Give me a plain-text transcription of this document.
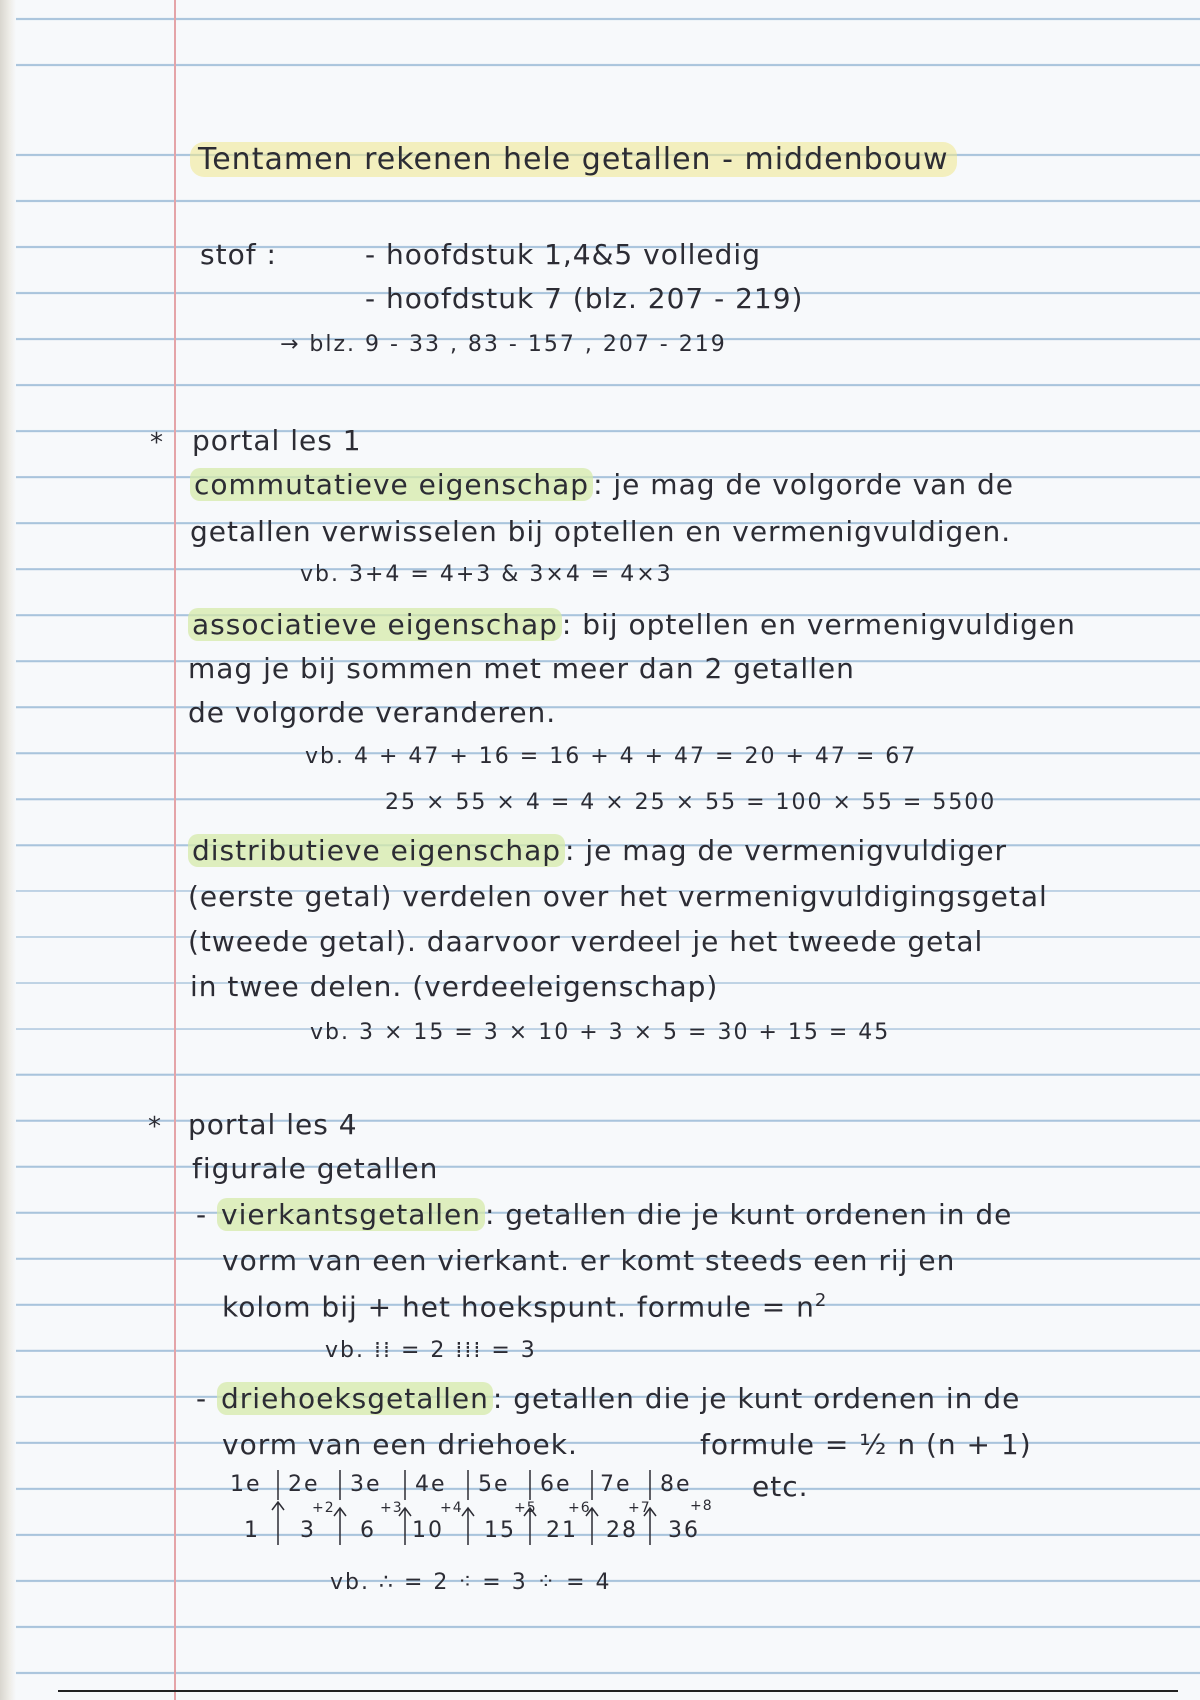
Tentamen rekenen hele getallen - middenbouw
stof :	- hoofdstuk 1,4&5 volledig
- hoofdstuk 7 (blz. 207 - 219)
→ blz. 9 - 33 , 83 - 157 , 207 - 219
* portal les 1
commutatieve eigenschap : je mag de volgorde van de
getallen verwisselen bij optellen en vermenigvuldigen.
vb. 3+4 = 4+3 & 3×4 = 4×3
associatieve eigenschap : bij optellen en vermenigvuldigen
mag je bij sommen met meer dan 2 getallen
de volgorde veranderen.
vb. 4 + 47 + 16 = 16 + 4 + 47 = 20 + 47 = 67
25 × 55 × 4 = 4 × 25 × 55 = 100 × 55 = 5500
distributieve eigenschap : je mag de vermenigvuldiger
(eerste getal) verdelen over het vermenigvuldigingsgetal
(tweede getal). daarvoor verdeel je het tweede getal
in twee delen. (verdeeleigenschap)
vb. 3 × 15 = 3 × 10 + 3 × 5 = 30 + 15 = 45
* portal les 4
figurale getallen
- vierkantsgetallen : getallen die je kunt ordenen in de
vorm van een vierkant. er komt steeds een rij en
kolom bij + het hoekspunt. formule = $n^2$
vb. ⁞⁞ = 2 ⁞⁞⁞ = 3
- driehoeksgetallen : getallen die je kunt ordenen in de
vorm van een driehoek.	formule = ½ n (n + 1)
1e 2e 3e 4e 5e 6e 7e 8e etc.
+2	+3	+4	+5 +6	+7	+8
1 3 6 10 15 21 28 36
vb. ∴ = 2 ⁖ = 3 ⁘ = 4
